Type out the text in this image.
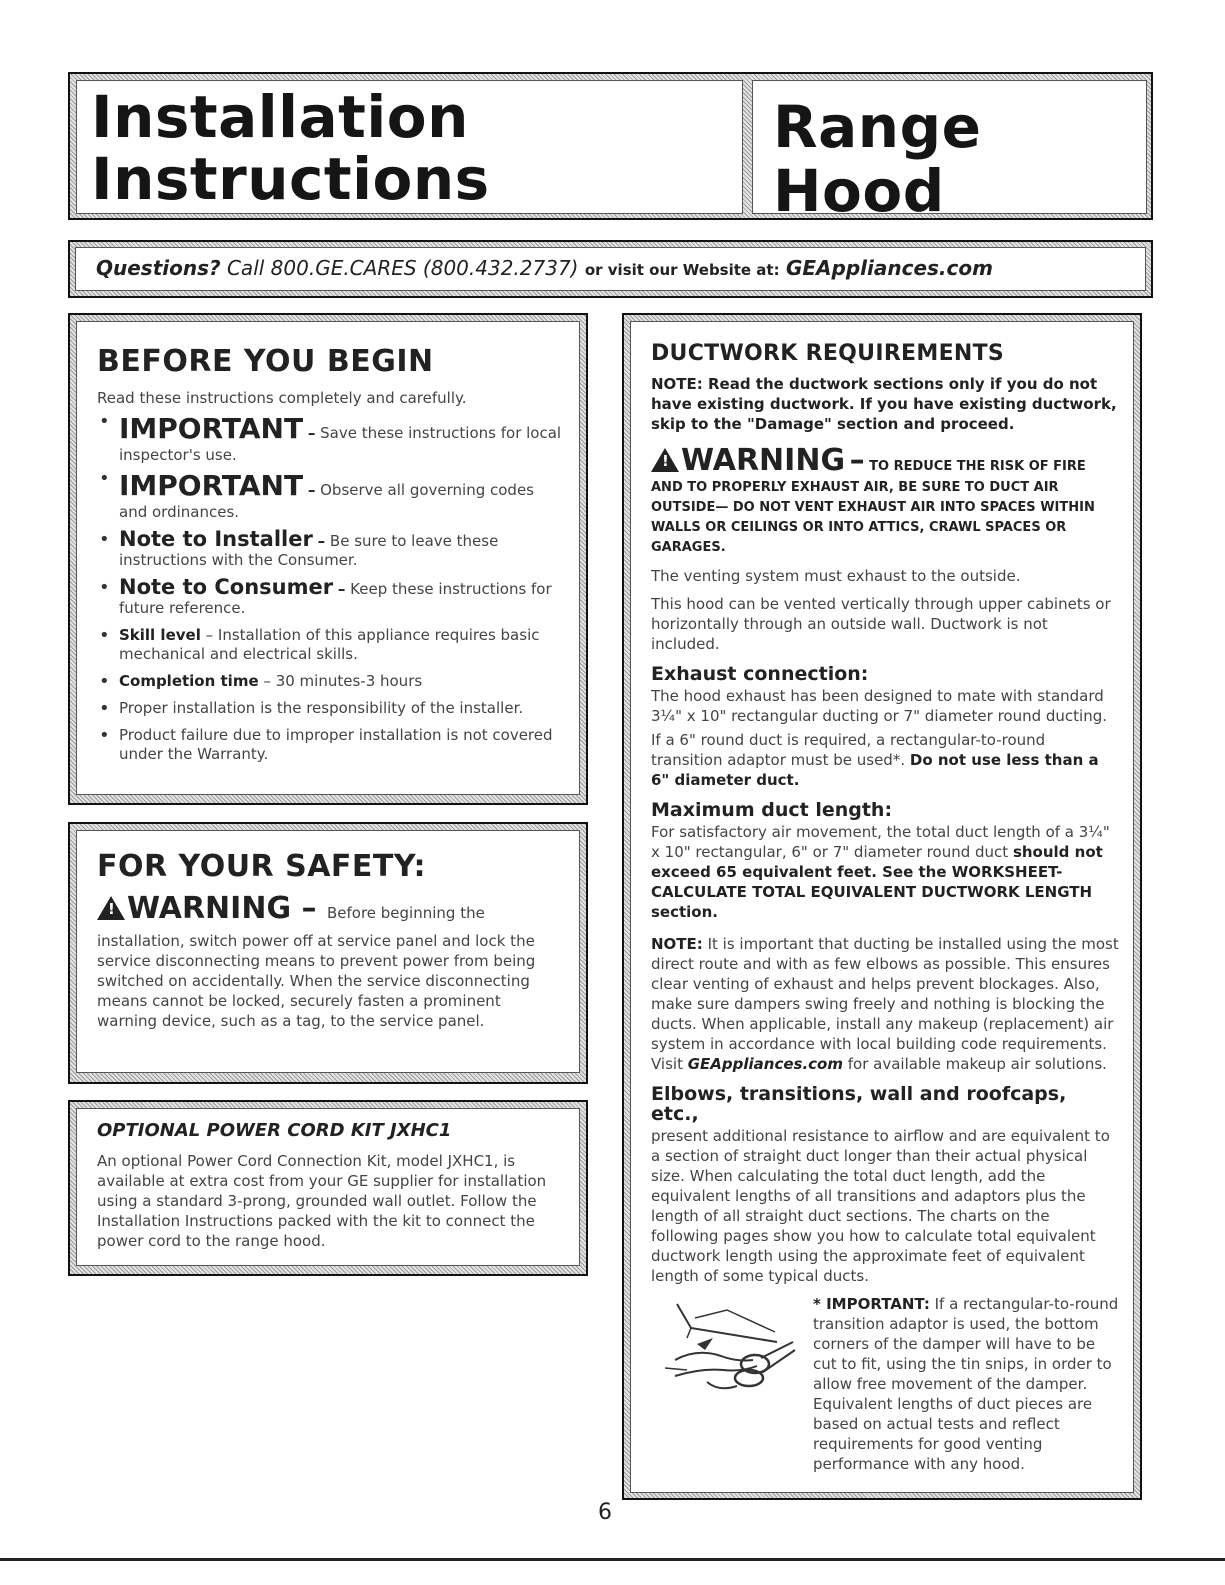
Installation
Instructions
Range Hood
Questions? Call 800.GE.CARES (800.432.2737) or visit our Website at: GEAppliances.com
BEFORE YOU BEGIN
Read these instructions completely and carefully.
• IMPORTANT – Save these instructions for local inspector's use.
• IMPORTANT – Observe all governing codes and ordinances.
• Note to Installer – Be sure to leave these instructions with the Consumer.
• Note to Consumer – Keep these instructions for future reference.
• Skill level – Installation of this appliance requires basic mechanical and electrical skills.
• Completion time – 30 minutes-3 hours
• Proper installation is the responsibility of the installer.
• Product failure due to improper installation is not covered under the Warranty.
FOR YOUR SAFETY:
!WARNING – Before beginning the
installation, switch power off at service panel and lock the service disconnecting means to prevent power from being switched on accidentally. When the service disconnecting means cannot be locked, securely fasten a prominent warning device, such as a tag, to the service panel.
OPTIONAL POWER CORD KIT JXHC1
An optional Power Cord Connection Kit, model JXHC1, is available at extra cost from your GE supplier for installation using a standard 3-prong, grounded wall outlet. Follow the Installation Instructions packed with the kit to connect the power cord to the range hood.
DUCTWORK REQUIREMENTS
NOTE: Read the ductwork sections only if you do not have existing ductwork. If you have existing ductwork, skip to the "Damage" section and proceed.
!WARNING – TO REDUCE THE RISK OF FIRE AND TO PROPERLY EXHAUST AIR, BE SURE TO DUCT AIR OUTSIDE— DO NOT VENT EXHAUST AIR INTO SPACES WITHIN WALLS OR CEILINGS OR INTO ATTICS, CRAWL SPACES OR GARAGES.
The venting system must exhaust to the outside.
This hood can be vented vertically through upper cabinets or horizontally through an outside wall. Ductwork is not included.
Exhaust connection:
The hood exhaust has been designed to mate with standard 3¼" x 10" rectangular ducting or 7" diameter round ducting.
If a 6" round duct is required, a rectangular-to-round transition adaptor must be used*. Do not use less than a 6" diameter duct.
Maximum duct length:
For satisfactory air movement, the total duct length of a 3¼" x 10" rectangular, 6" or 7" diameter round duct should not exceed 65 equivalent feet. See the WORKSHEET-CALCULATE TOTAL EQUIVALENT DUCTWORK LENGTH section.
NOTE: It is important that ducting be installed using the most direct route and with as few elbows as possible. This ensures clear venting of exhaust and helps prevent blockages. Also, make sure dampers swing freely and nothing is blocking the ducts. When applicable, install any makeup (replacement) air system in accordance with local building code requirements. Visit GEAppliances.com for available makeup air solutions.
Elbows, transitions, wall and roofcaps, etc.,
present additional resistance to airflow and are equivalent to a section of straight duct longer than their actual physical size. When calculating the total duct length, add the equivalent lengths of all transitions and adaptors plus the length of all straight duct sections. The charts on the following pages show you how to calculate total equivalent ductwork length using the approximate feet of equivalent length of some typical ducts.
* IMPORTANT: If a rectangular-to-round transition adaptor is used, the bottom corners of the damper will have to be cut to fit, using the tin snips, in order to allow free movement of the damper. Equivalent lengths of duct pieces are based on actual tests and reflect requirements for good venting performance with any hood.
6
